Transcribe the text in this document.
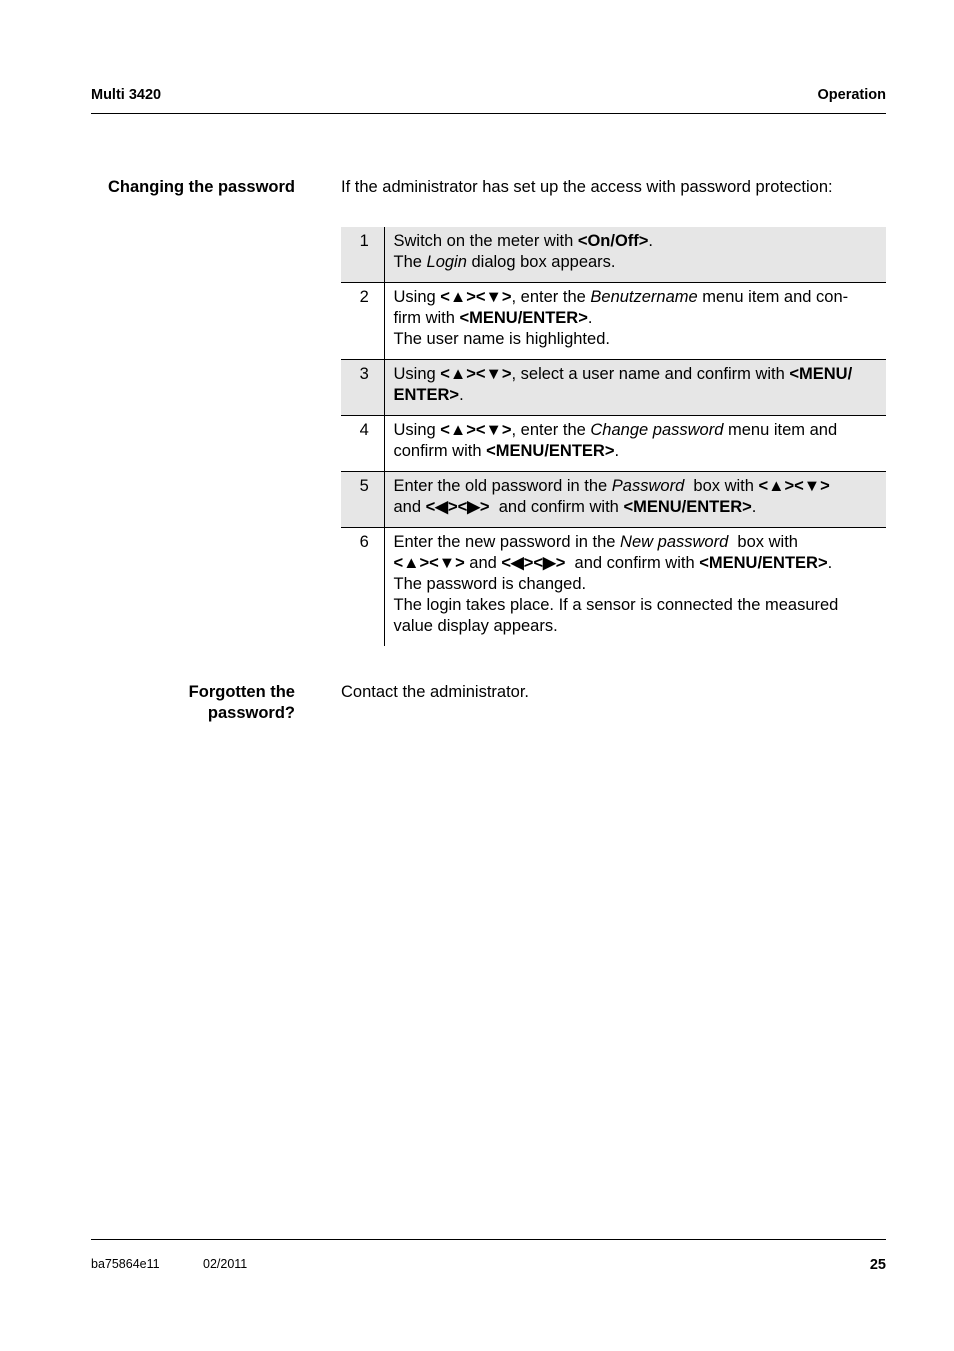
Multi 3420	Operation
Changing the password	If the administrator has set up the access with password protection:
1	Switch on the meter with <On/Off>.
The Login dialog box appears.
2	Using <▲><▼>, enter the Benutzername menu item and con-
firm with <MENU/ENTER>.
The user name is highlighted.
3	Using <▲><▼>, select a user name and confirm with <MENU/
ENTER>.
4	Using <▲><▼>, enter the Change password menu item and
confirm with <MENU/ENTER>.
5	Enter the old password in the Password  box with <▲><▼>
and <◀><▶>  and confirm with <MENU/ENTER>.
6	Enter the new password in the New password  box with
<▲><▼> and <◀><▶>  and confirm with <MENU/ENTER>.
The password is changed.
The login takes place. If a sensor is connected the measured
value display appears.
Forgotten the
password?
Contact the administrator.
ba75864e11	02/2011	25
